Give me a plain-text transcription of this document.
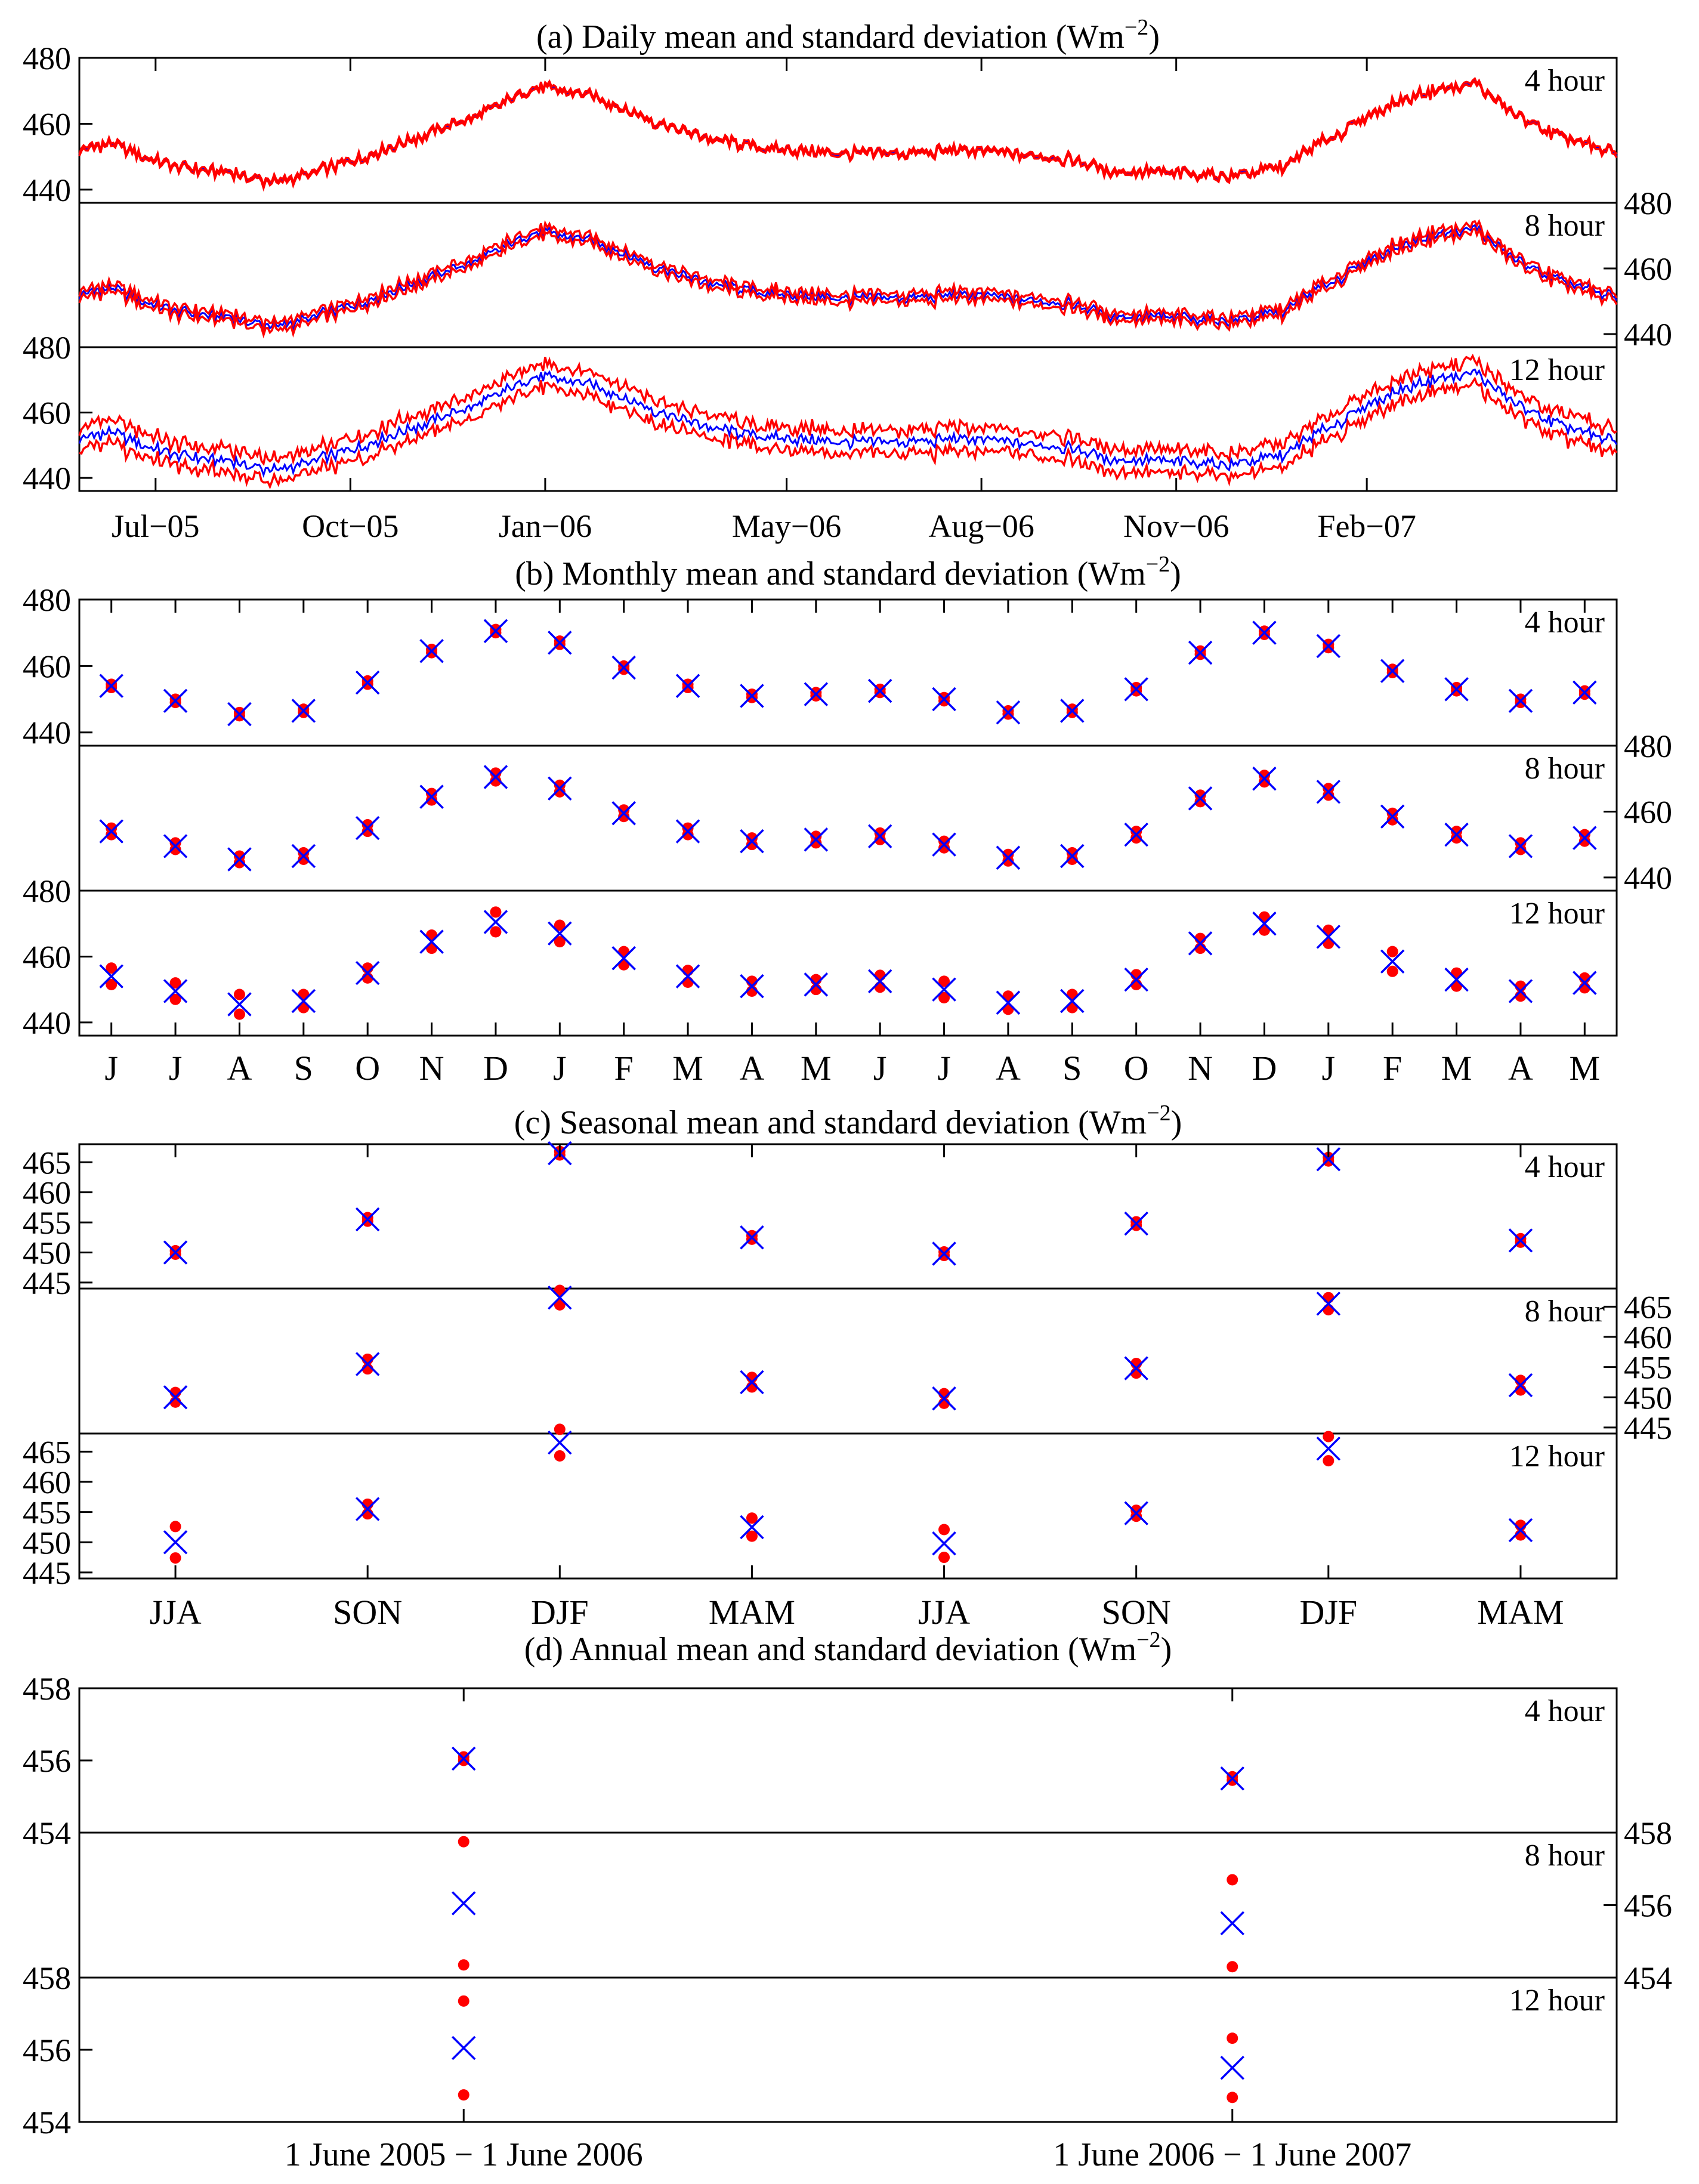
(a) Daily mean and standard deviation $(Wm^{-2})$
4 hour
440
460
480
8 hour
440
460
480
12 hour
440
460
480
Jul−05	Oct−05	Jan−06	May−06	Aug−06	Nov−06	Feb−07
(b) Monthly mean and standard deviation $(Wm^{-2})$
4 hour
440
460
480
8 hour
440
460
480
12 hour
440
460
480
J J A S O N D J F M A M J J A S O N D J F M A M
(c) Seasonal mean and standard deviation $(Wm^{-2})$
4 hour
445
450
455
460
465
8 hour
445
450
455
460
465
12 hour
445
450
455
460
465
JJA	SON	DJF	MAM	JJA	SON	DJF	MAM
(d) Annual mean and standard deviation $(Wm^{-2})$
4 hour
454
456
458
8 hour
454
456
458
12 hour
454
456
458
1 June 2005 − 1 June 2006	1 June 2006 − 1 June 2007
